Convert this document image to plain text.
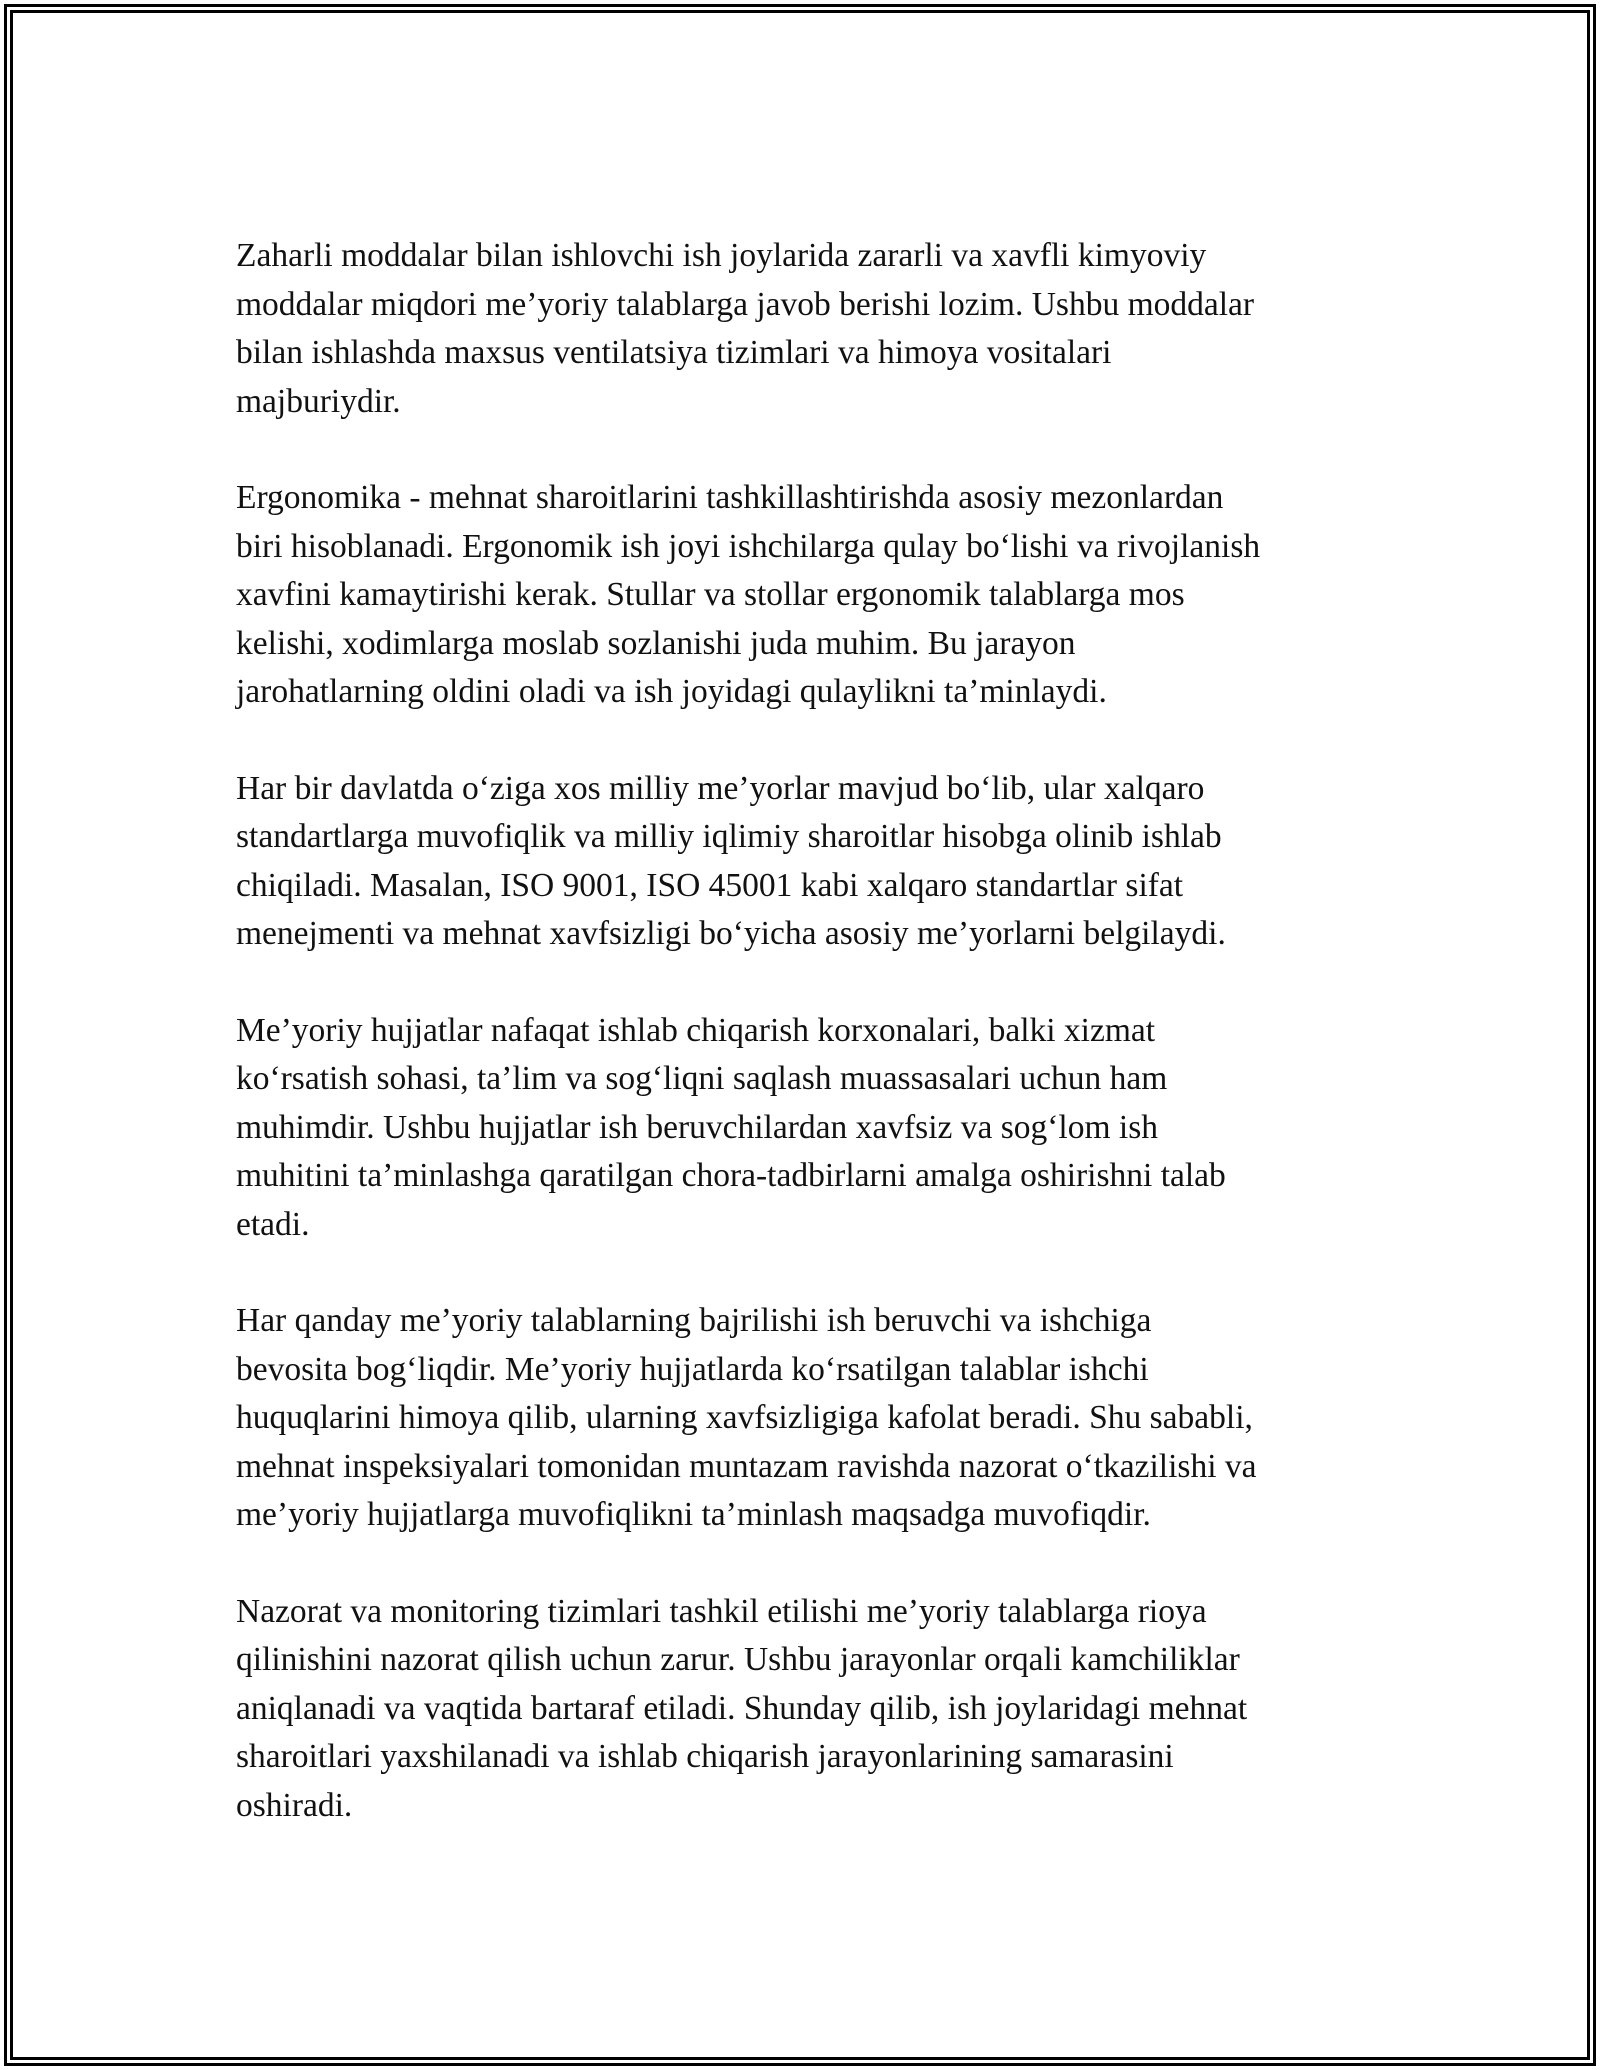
Zaharli moddalar bilan ishlovchi ish joylarida zararli va xavfli kimyoviy
moddalar miqdori me’yoriy talablarga javob berishi lozim. Ushbu moddalar
bilan ishlashda maxsus ventilatsiya tizimlari va himoya vositalari
majburiydir.

Ergonomika - mehnat sharoitlarini tashkillashtirishda asosiy mezonlardan
biri hisoblanadi. Ergonomik ish joyi ishchilarga qulay bo‘lishi va rivojlanish
xavfini kamaytirishi kerak. Stullar va stollar ergonomik talablarga mos
kelishi, xodimlarga moslab sozlanishi juda muhim. Bu jarayon
jarohatlarning oldini oladi va ish joyidagi qulaylikni ta’minlaydi.

Har bir davlatda o‘ziga xos milliy me’yorlar mavjud bo‘lib, ular xalqaro
standartlarga muvofiqlik va milliy iqlimiy sharoitlar hisobga olinib ishlab
chiqiladi. Masalan, ISO 9001, ISO 45001 kabi xalqaro standartlar sifat
menejmenti va mehnat xavfsizligi bo‘yicha asosiy me’yorlarni belgilaydi.

Me’yoriy hujjatlar nafaqat ishlab chiqarish korxonalari, balki xizmat
ko‘rsatish sohasi, ta’lim va sog‘liqni saqlash muassasalari uchun ham
muhimdir. Ushbu hujjatlar ish beruvchilardan xavfsiz va sog‘lom ish
muhitini ta’minlashga qaratilgan chora-tadbirlarni amalga oshirishni talab
etadi.

Har qanday me’yoriy talablarning bajrilishi ish beruvchi va ishchiga
bevosita bog‘liqdir. Me’yoriy hujjatlarda ko‘rsatilgan talablar ishchi
huquqlarini himoya qilib, ularning xavfsizligiga kafolat beradi. Shu sababli,
mehnat inspeksiyalari tomonidan muntazam ravishda nazorat o‘tkazilishi va
me’yoriy hujjatlarga muvofiqlikni ta’minlash maqsadga muvofiqdir.

Nazorat va monitoring tizimlari tashkil etilishi me’yoriy talablarga rioya
qilinishini nazorat qilish uchun zarur. Ushbu jarayonlar orqali kamchiliklar
aniqlanadi va vaqtida bartaraf etiladi. Shunday qilib, ish joylaridagi mehnat
sharoitlari yaxshilanadi va ishlab chiqarish jarayonlarining samarasini
oshiradi.
